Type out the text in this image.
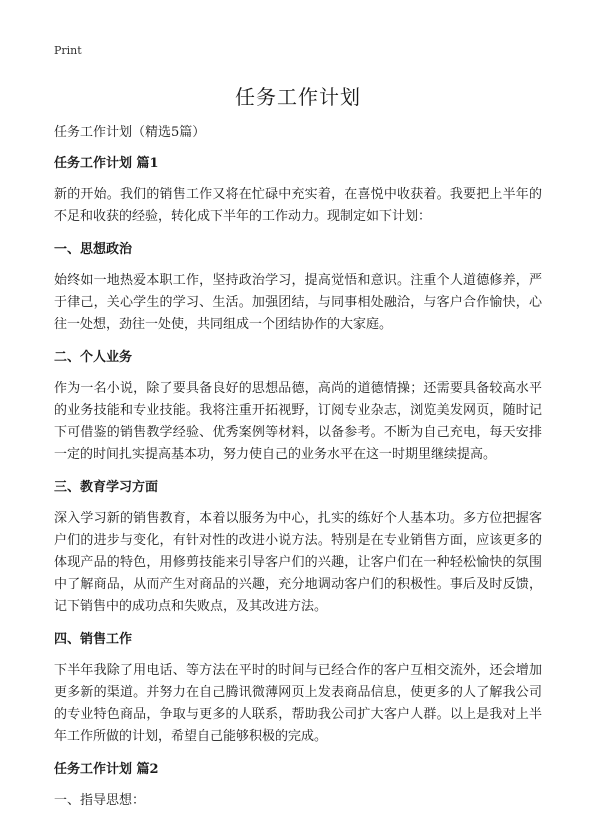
Print
任务工作计划

任务工作计划（精选5篇）

任务工作计划 篇1

新的开始。我们的销售工作又将在忙碌中充实着，在喜悦中收获着。我要把上半年的不足和收获的经验，转化成下半年的工作动力。现制定如下计划：

一、思想政治

始终如一地热爱本职工作，坚持政治学习，提高觉悟和意识。注重个人道德修养，严于律己，关心学生的学习、生活。加强团结，与同事相处融洽，与客户合作愉快，心往一处想，劲往一处使，共同组成一个团结协作的大家庭。

二、个人业务

作为一名小说，除了要具备良好的思想品德，高尚的道德情操；还需要具备较高水平的业务技能和专业技能。我将注重开拓视野，订阅专业杂志，浏览美发网页，随时记下可借鉴的销售教学经验、优秀案例等材料，以备参考。不断为自己充电，每天安排一定的时间扎实提高基本功，努力使自己的业务水平在这一时期里继续提高。

三、教育学习方面

深入学习新的销售教育，本着以服务为中心，扎实的练好个人基本功。多方位把握客户们的进步与变化，有针对性的改进小说方法。特别是在专业销售方面，应该更多的体现产品的特色，用修剪技能来引导客户们的兴趣，让客户们在一种轻松愉快的氛围中了解商品，从而产生对商品的兴趣，充分地调动客户们的积极性。事后及时反馈，记下销售中的成功点和失败点，及其改进方法。

四、销售工作

下半年我除了用电话、等方法在平时的时间与已经合作的客户互相交流外，还会增加更多新的渠道。并努力在自己腾讯微薄网页上发表商品信息，使更多的人了解我公司的专业特色商品，争取与更多的人联系，帮助我公司扩大客户人群。以上是我对上半年工作所做的计划，希望自己能够积极的完成。

任务工作计划 篇2

一、指导思想：
